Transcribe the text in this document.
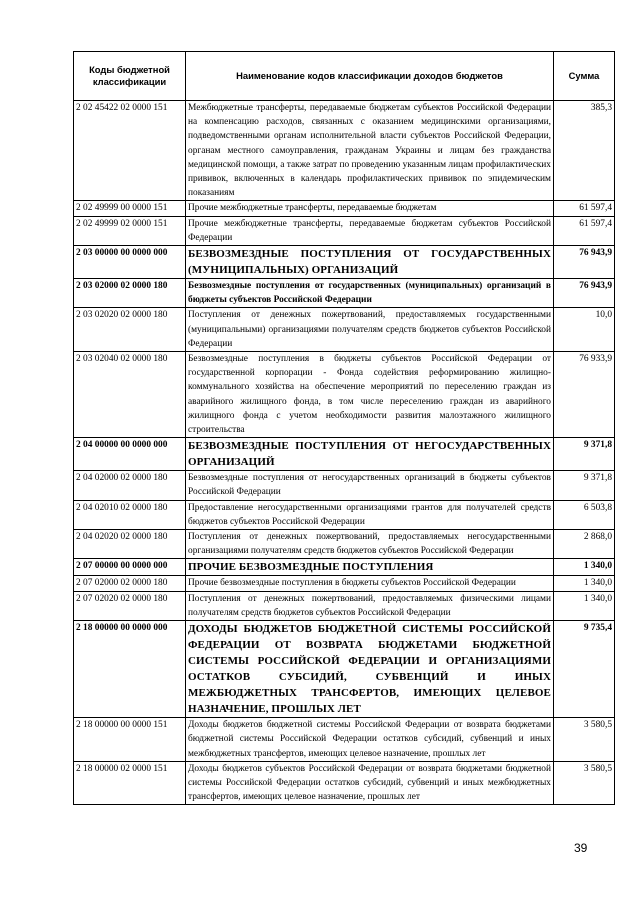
Коды бюджетной классификации	Наименование кодов классификации доходов бюджетов	Сумма
2 02 45422 02 0000 151	Межбюджетные трансферты, передаваемые бюджетам субъектов Российской Федерации на компенсацию расходов, связанных с оказанием медицинскими организациями, подведомственными органам исполнительной власти субъектов Российской Федерации, органам местного самоуправления, гражданам Украины и лицам без гражданства медицинской помощи, а также затрат по проведению указанным лицам профилактических прививок, включенных в календарь профилактических прививок по эпидемическим показаниям	385,3
2 02 49999 00 0000 151	Прочие межбюджетные трансферты, передаваемые бюджетам	61 597,4
2 02 49999 02 0000 151	Прочие межбюджетные трансферты, передаваемые бюджетам субъектов Российской Федерации	61 597,4
2 03 00000 00 0000 000	БЕЗВОЗМЕЗДНЫЕ ПОСТУПЛЕНИЯ ОТ ГОСУДАРСТВЕННЫХ (МУНИЦИПАЛЬНЫХ) ОРГАНИЗАЦИЙ	76 943,9
2 03 02000 02 0000 180	Безвозмездные поступления от государственных (муниципальных) организаций в бюджеты субъектов Российской Федерации	76 943,9
2 03 02020 02 0000 180	Поступления от денежных пожертвований, предоставляемых государственными (муниципальными) организациями получателям средств бюджетов субъектов Российской Федерации	10,0
2 03 02040 02 0000 180	Безвозмездные поступления в бюджеты субъектов Российской Федерации от государственной корпорации - Фонда содействия реформированию жилищно-коммунального хозяйства на обеспечение мероприятий по переселению граждан из аварийного жилищного фонда, в том числе переселению граждан из аварийного жилищного фонда с учетом необходимости развития малоэтажного жилищного строительства	76 933,9
2 04 00000 00 0000 000	БЕЗВОЗМЕЗДНЫЕ ПОСТУПЛЕНИЯ ОТ НЕГОСУДАРСТВЕННЫХ ОРГАНИЗАЦИЙ	9 371,8
2 04 02000 02 0000 180	Безвозмездные поступления от негосударственных организаций в бюджеты субъектов Российской Федерации	9 371,8
2 04 02010 02 0000 180	Предоставление негосударственными организациями грантов для получателей средств бюджетов субъектов Российской Федерации	6 503,8
2 04 02020 02 0000 180	Поступления от денежных пожертвований, предоставляемых негосударственными организациями получателям средств бюджетов субъектов Российской Федерации	2 868,0
2 07 00000 00 0000 000	ПРОЧИЕ БЕЗВОЗМЕЗДНЫЕ ПОСТУПЛЕНИЯ	1 340,0
2 07 02000 02 0000 180	Прочие безвозмездные поступления в бюджеты субъектов Российской Федерации	1 340,0
2 07 02020 02 0000 180	Поступления от денежных пожертвований, предоставляемых физическими лицами получателям средств бюджетов субъектов Российской Федерации	1 340,0
2 18 00000 00 0000 000	ДОХОДЫ БЮДЖЕТОВ БЮДЖЕТНОЙ СИСТЕМЫ РОССИЙСКОЙ ФЕДЕРАЦИИ ОТ ВОЗВРАТА БЮДЖЕТАМИ БЮДЖЕТНОЙ СИСТЕМЫ РОССИЙСКОЙ ФЕДЕРАЦИИ И ОРГАНИЗАЦИЯМИ ОСТАТКОВ СУБСИДИЙ, СУБВЕНЦИЙ И ИНЫХ МЕЖБЮДЖЕТНЫХ ТРАНСФЕРТОВ, ИМЕЮЩИХ ЦЕЛЕВОЕ НАЗНАЧЕНИЕ, ПРОШЛЫХ ЛЕТ	9 735,4
2 18 00000 00 0000 151	Доходы бюджетов бюджетной системы Российской Федерации от возврата бюджетами бюджетной системы Российской Федерации остатков субсидий, субвенций и иных межбюджетных трансфертов, имеющих целевое назначение, прошлых лет	3 580,5
2 18 00000 02 0000 151	Доходы бюджетов субъектов Российской Федерации от возврата бюджетами бюджетной системы Российской Федерации остатков субсидий, субвенций и иных межбюджетных трансфертов, имеющих целевое назначение, прошлых лет	3 580,5
39
